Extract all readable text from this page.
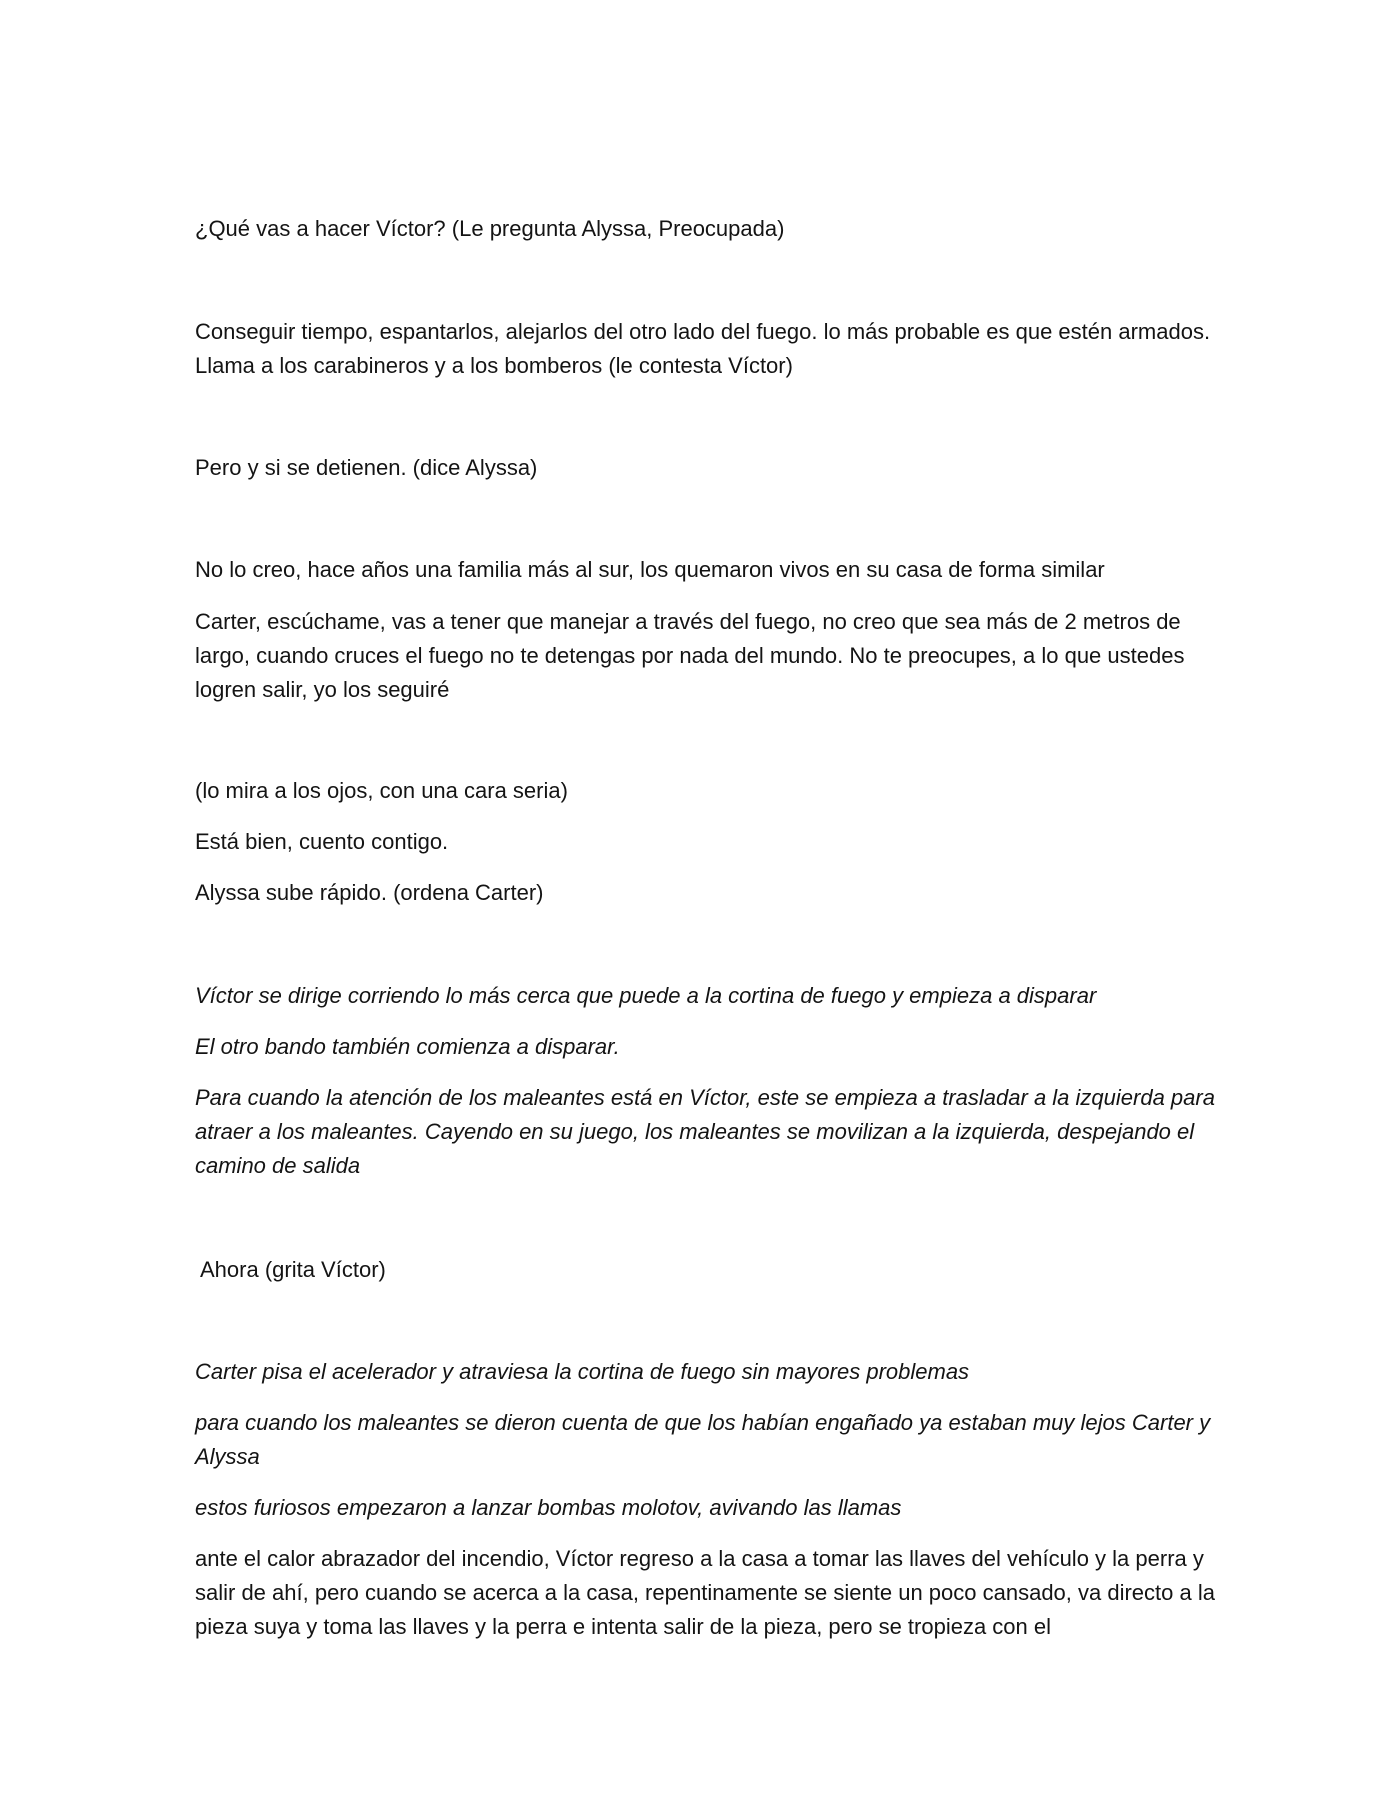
¿Qué vas a hacer Víctor? (Le pregunta Alyssa, Preocupada)

Conseguir tiempo, espantarlos, alejarlos del otro lado del fuego. lo más probable es que estén armados. Llama a los carabineros y a los bomberos (le contesta Víctor)

Pero y si se detienen. (dice Alyssa)

No lo creo, hace años una familia más al sur, los quemaron vivos en su casa de forma similar

Carter, escúchame, vas a tener que manejar a través del fuego, no creo que sea más de 2 metros de largo, cuando cruces el fuego no te detengas por nada del mundo. No te preocupes, a lo que ustedes logren salir, yo los seguiré

(lo mira a los ojos, con una cara seria)

Está bien, cuento contigo.

Alyssa sube rápido. (ordena Carter)

Víctor se dirige corriendo lo más cerca que puede a la cortina de fuego y empieza a disparar

El otro bando también comienza a disparar.

Para cuando la atención de los maleantes está en Víctor, este se empieza a trasladar a la izquierda para atraer a los maleantes. Cayendo en su juego, los maleantes se movilizan a la izquierda, despejando el camino de salida

Ahora (grita Víctor)

Carter pisa el acelerador y atraviesa la cortina de fuego sin mayores problemas

para cuando los maleantes se dieron cuenta de que los habían engañado ya estaban muy lejos Carter y Alyssa

estos furiosos empezaron a lanzar bombas molotov, avivando las llamas

ante el calor abrazador del incendio, Víctor regreso a la casa a tomar las llaves del vehículo y la perra y salir de ahí, pero cuando se acerca a la casa, repentinamente se siente un poco cansado, va directo a la pieza suya y toma las llaves y la perra e intenta salir de la pieza, pero se tropieza con el
